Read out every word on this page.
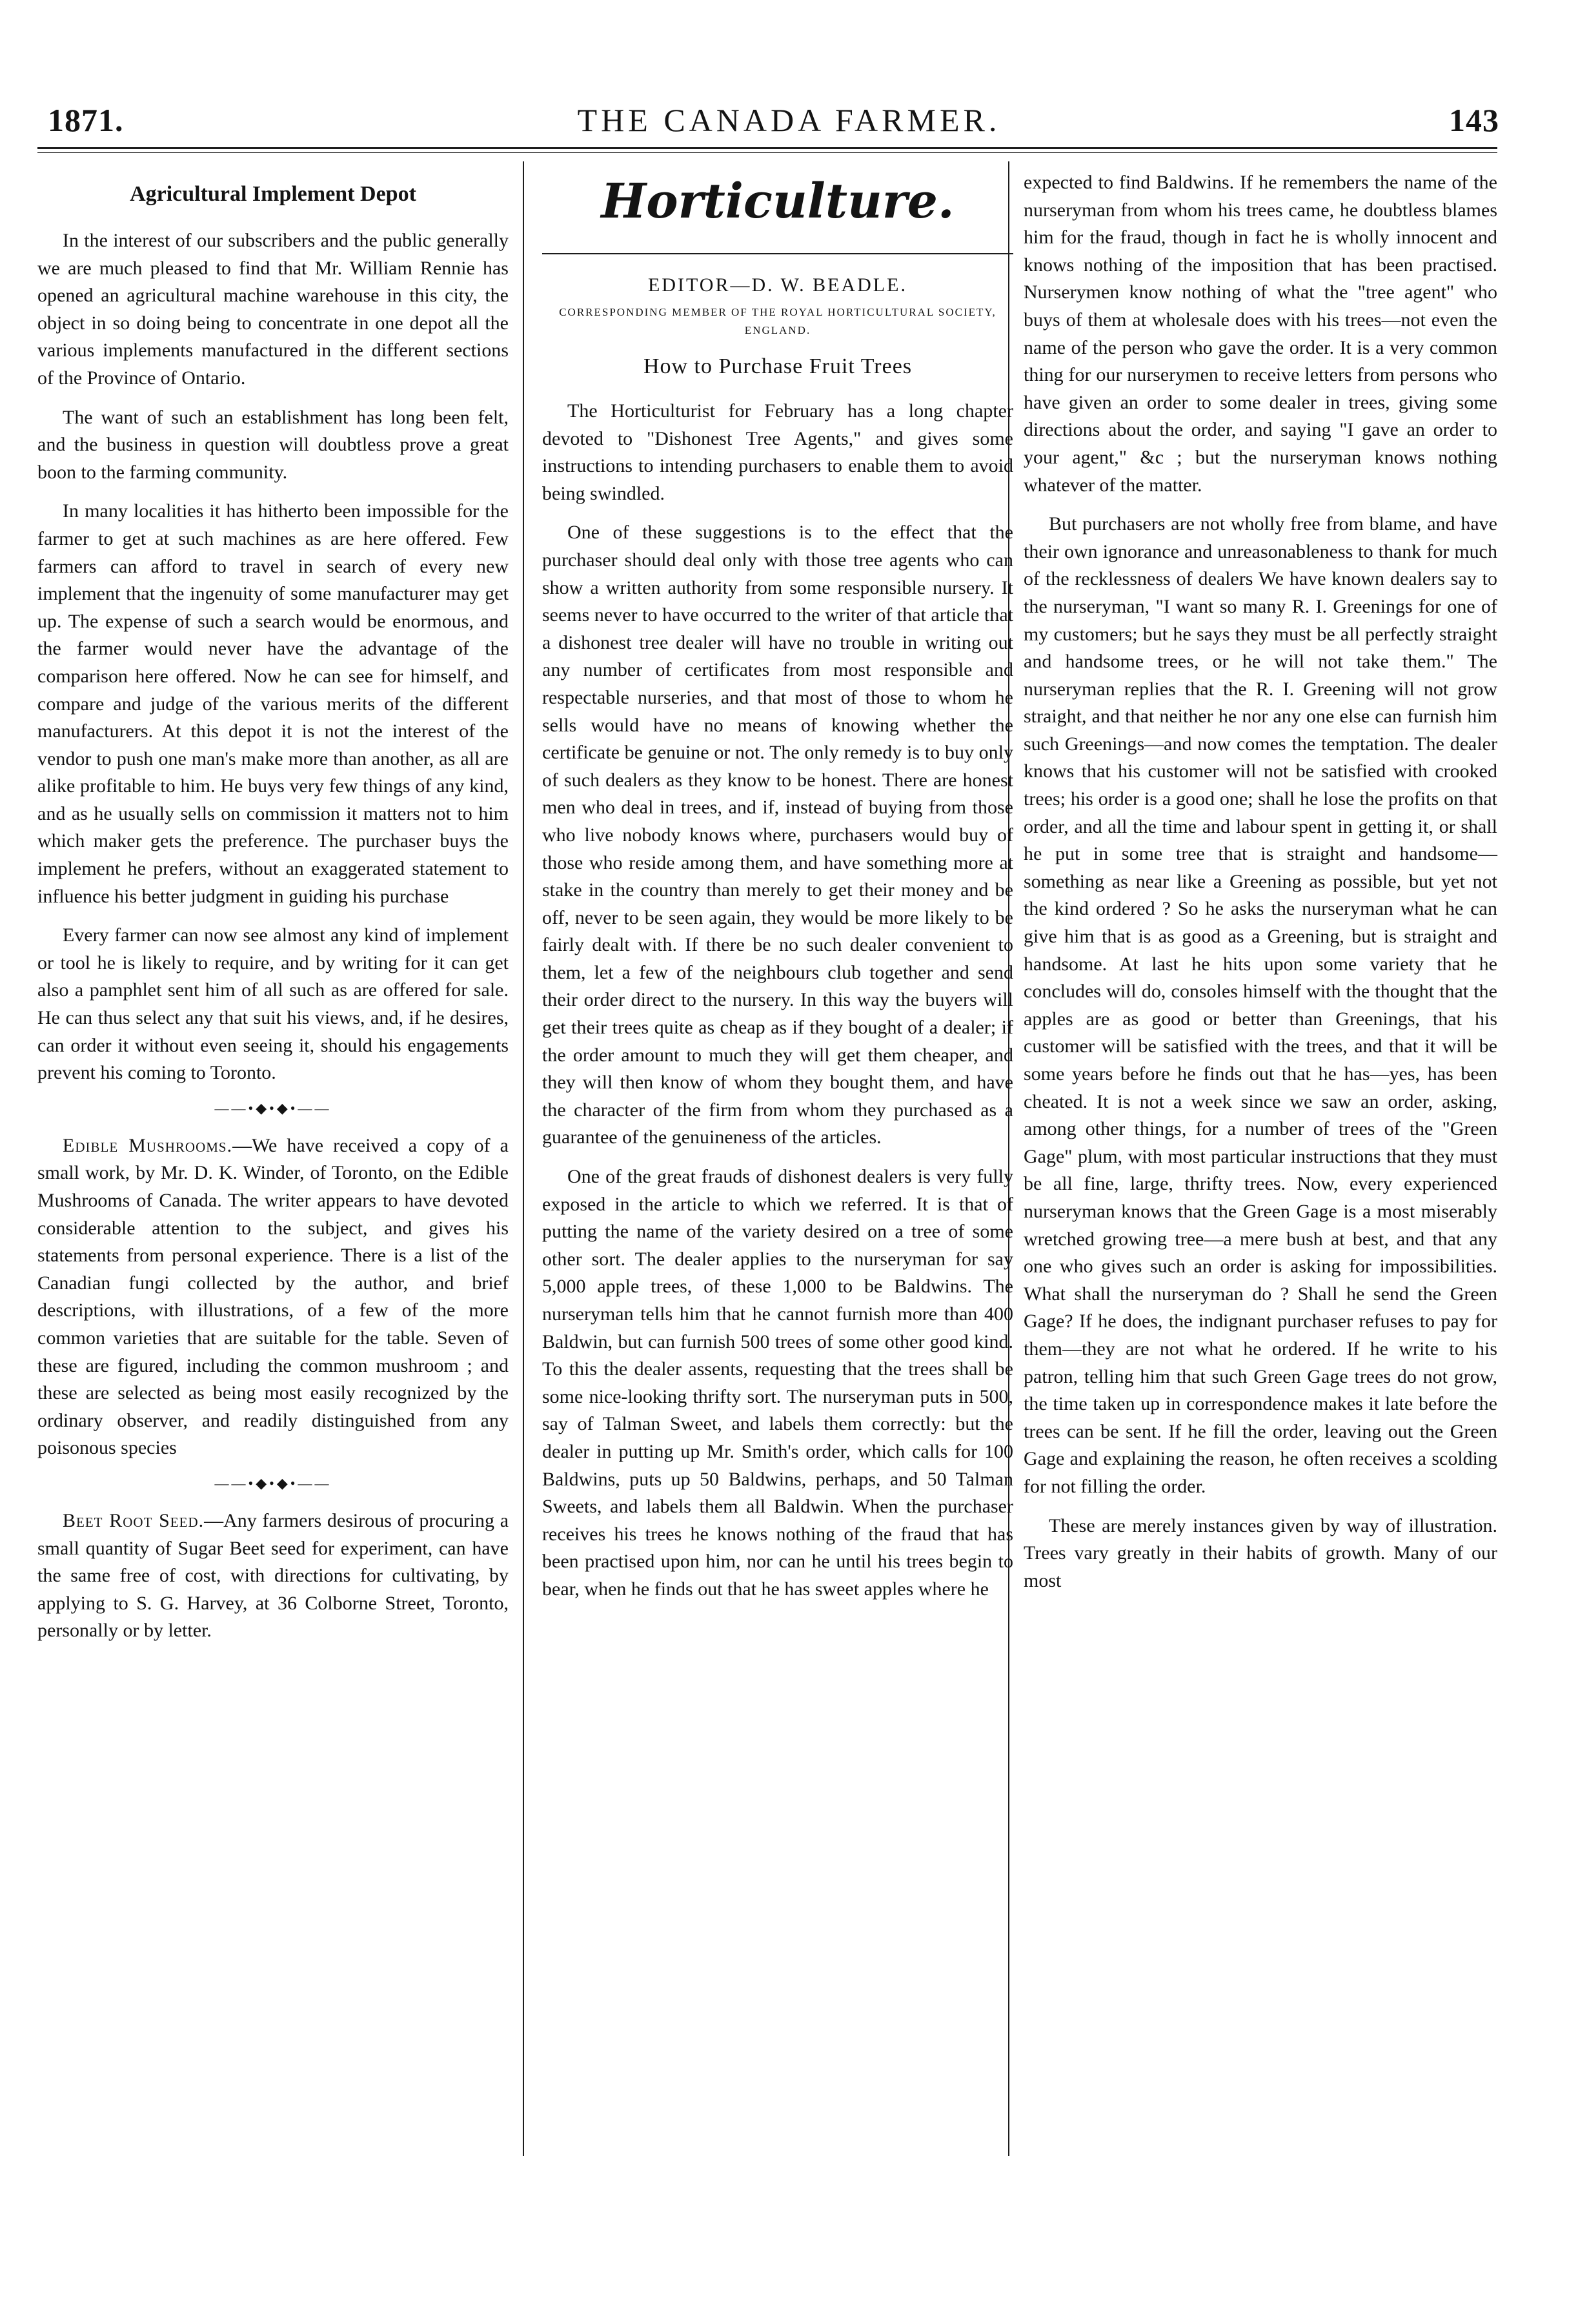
1871.	THE CANADA FARMER.	143
Agricultural Implement Depot

In the interest of our subscribers and the public generally we are much pleased to find that Mr. William Rennie has opened an agricultural machine warehouse in this city, the object in so doing being to concentrate in one depot all the various implements manufactured in the different sections of the Province of Ontario.

The want of such an establishment has long been felt, and the business in question will doubtless prove a great boon to the farming community.

In many localities it has hitherto been impossible for the farmer to get at such machines as are here offered. Few farmers can afford to travel in search of every new implement that the ingenuity of some manufacturer may get up. The expense of such a search would be enormous, and the farmer would never have the advantage of the comparison here offered. Now he can see for himself, and compare and judge of the various merits of the different manufacturers. At this depot it is not the interest of the vendor to push one man's make more than another, as all are alike profitable to him. He buys very few things of any kind, and as he usually sells on commission it matters not to him which maker gets the preference. The purchaser buys the implement he prefers, without an exaggerated statement to influence his better judgment in guiding his purchase

Every farmer can now see almost any kind of implement or tool he is likely to require, and by writing for it can get also a pamphlet sent him of all such as are offered for sale. He can thus select any that suit his views, and, if he desires, can order it without even seeing it, should his engagements prevent his coming to Toronto.

——•◆•◆•——

Edible Mushrooms.—We have received a copy of a small work, by Mr. D. K. Winder, of Toronto, on the Edible Mushrooms of Canada. The writer appears to have devoted considerable attention to the subject, and gives his statements from personal experience. There is a list of the Canadian fungi collected by the author, and brief descriptions, with illustrations, of a few of the more common varieties that are suitable for the table. Seven of these are figured, including the common mushroom ; and these are selected as being most easily recognized by the ordinary observer, and readily distinguished from any poisonous species

——•◆•◆•——

Beet Root Seed.—Any farmers desirous of procuring a small quantity of Sugar Beet seed for experiment, can have the same free of cost, with directions for cultivating, by applying to S. G. Harvey, at 36 Colborne Street, Toronto, personally or by letter.

Horticulture.
EDITOR—D. W. BEADLE.
CORRESPONDING MEMBER OF THE ROYAL HORTICULTURAL SOCIETY, ENGLAND.
How to Purchase Fruit Trees

The Horticulturist for February has a long chapter devoted to "Dishonest Tree Agents," and gives some instructions to intending purchasers to enable them to avoid being swindled.

One of these suggestions is to the effect that the purchaser should deal only with those tree agents who can show a written authority from some responsible nursery. It seems never to have occurred to the writer of that article that a dishonest tree dealer will have no trouble in writing out any number of certificates from most responsible and respectable nurseries, and that most of those to whom he sells would have no means of knowing whether the certificate be genuine or not. The only remedy is to buy only of such dealers as they know to be honest. There are honest men who deal in trees, and if, instead of buying from those who live nobody knows where, purchasers would buy of those who reside among them, and have something more at stake in the country than merely to get their money and be off, never to be seen again, they would be more likely to be fairly dealt with. If there be no such dealer convenient to them, let a few of the neighbours club together and send their order direct to the nursery. In this way the buyers will get their trees quite as cheap as if they bought of a dealer; if the order amount to much they will get them cheaper, and they will then know of whom they bought them, and have the character of the firm from whom they purchased as a guarantee of the genuineness of the articles.

One of the great frauds of dishonest dealers is very fully exposed in the article to which we referred. It is that of putting the name of the variety desired on a tree of some other sort. The dealer applies to the nurseryman for say 5,000 apple trees, of these 1,000 to be Baldwins. The nurseryman tells him that he cannot furnish more than 400 Baldwin, but can furnish 500 trees of some other good kind. To this the dealer assents, requesting that the trees shall be some nice-looking thrifty sort. The nurseryman puts in 500, say of Talman Sweet, and labels them correctly: but the dealer in putting up Mr. Smith's order, which calls for 100 Baldwins, puts up 50 Baldwins, perhaps, and 50 Talman Sweets, and labels them all Baldwin. When the purchaser receives his trees he knows nothing of the fraud that has been practised upon him, nor can he until his trees begin to bear, when he finds out that he has sweet apples where he

expected to find Baldwins. If he remembers the name of the nurseryman from whom his trees came, he doubtless blames him for the fraud, though in fact he is wholly innocent and knows nothing of the imposition that has been practised. Nurserymen know nothing of what the "tree agent" who buys of them at wholesale does with his trees—not even the name of the person who gave the order. It is a very common thing for our nurserymen to receive letters from persons who have given an order to some dealer in trees, giving some directions about the order, and saying "I gave an order to your agent," &c ; but the nurseryman knows nothing whatever of the matter.

But purchasers are not wholly free from blame, and have their own ignorance and unreasonableness to thank for much of the recklessness of dealers We have known dealers say to the nurseryman, "I want so many R. I. Greenings for one of my customers; but he says they must be all perfectly straight and handsome trees, or he will not take them." The nurseryman replies that the R. I. Greening will not grow straight, and that neither he nor any one else can furnish him such Greenings—and now comes the temptation. The dealer knows that his customer will not be satisfied with crooked trees; his order is a good one; shall he lose the profits on that order, and all the time and labour spent in getting it, or shall he put in some tree that is straight and handsome—something as near like a Greening as possible, but yet not the kind ordered ? So he asks the nurseryman what he can give him that is as good as a Greening, but is straight and handsome. At last he hits upon some variety that he concludes will do, consoles himself with the thought that the apples are as good or better than Greenings, that his customer will be satisfied with the trees, and that it will be some years before he finds out that he has—yes, has been cheated. It is not a week since we saw an order, asking, among other things, for a number of trees of the "Green Gage" plum, with most particular instructions that they must be all fine, large, thrifty trees. Now, every experienced nurseryman knows that the Green Gage is a most miserably wretched growing tree—a mere bush at best, and that any one who gives such an order is asking for impossibilities. What shall the nurseryman do ? Shall he send the Green Gage? If he does, the indignant purchaser refuses to pay for them—they are not what he ordered. If he write to his patron, telling him that such Green Gage trees do not grow, the time taken up in correspondence makes it late before the trees can be sent. If he fill the order, leaving out the Green Gage and explaining the reason, he often receives a scolding for not filling the order.

These are merely instances given by way of illustration. Trees vary greatly in their habits of growth. Many of our most
